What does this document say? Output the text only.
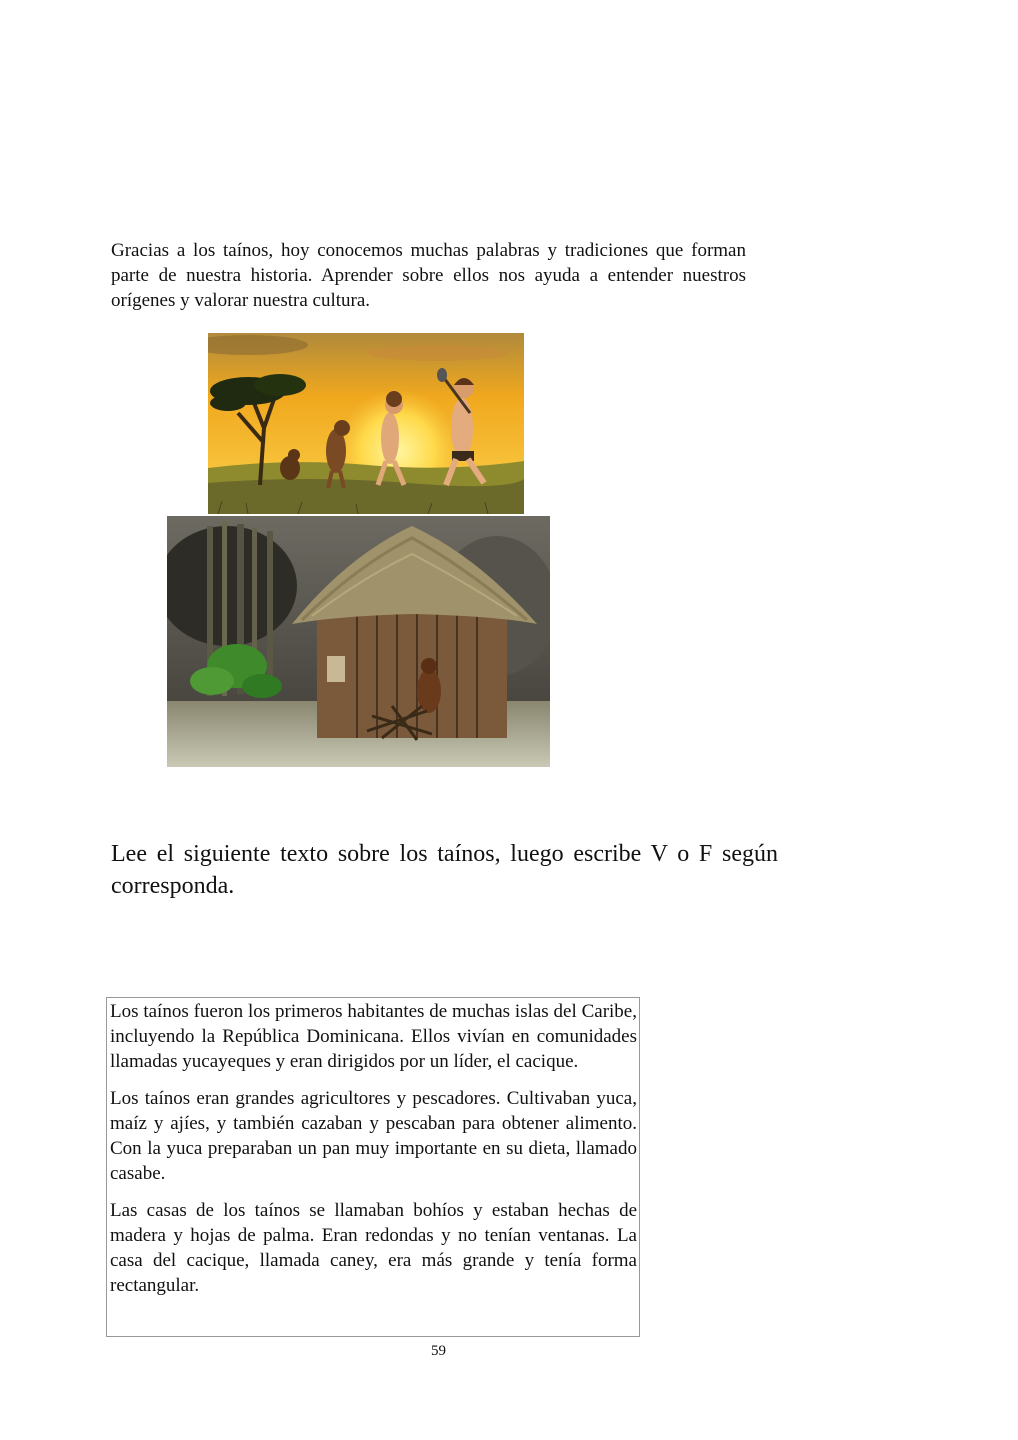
Gracias a los taínos, hoy conocemos muchas palabras y tradiciones que forman parte de nuestra historia. Aprender sobre ellos nos ayuda a entender nuestros orígenes y valorar nuestra cultura.

Lee el siguiente texto sobre los taínos, luego escribe V o F según corresponda.

Los taínos fueron los primeros habitantes de muchas islas del Caribe, incluyendo la República Dominicana. Ellos vivían en comunidades llamadas yucayeques y eran dirigidos por un líder, el cacique.

Los taínos eran grandes agricultores y pescadores. Cultivaban yuca, maíz y ajíes, y también cazaban y pescaban para obtener alimento. Con la yuca preparaban un pan muy importante en su dieta, llamado casabe.

Las casas de los taínos se llamaban bohíos y estaban hechas de madera y hojas de palma. Eran redondas y no tenían ventanas. La casa del cacique, llamada caney, era más grande y tenía forma rectangular.

59
